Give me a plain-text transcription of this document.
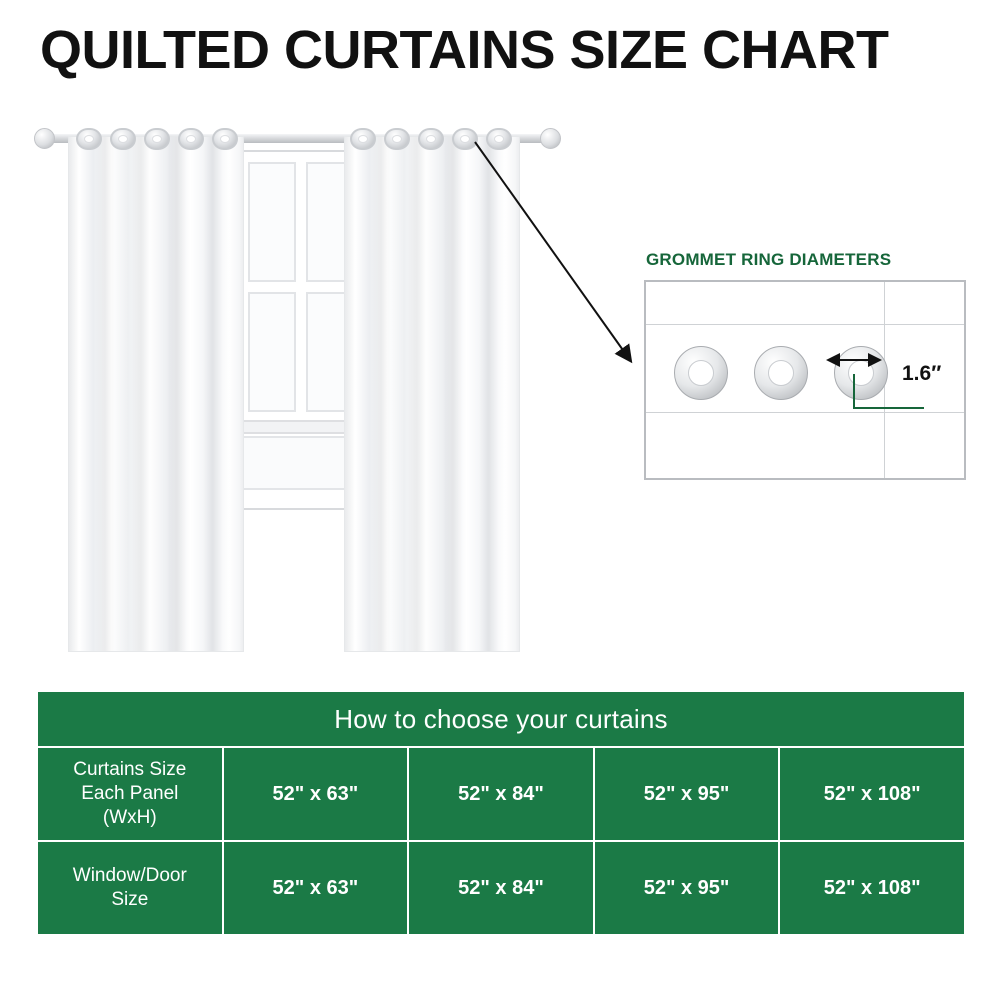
QUILTED CURTAINS SIZE CHART
GROMMET RING DIAMETERS
1.6″
How to choose your curtains				

Curtains Size
Each Panel
(WxH)	52" x 63"	52" x 84"	52" x 95"	52" x 108"

Window/Door
Size	52" x 63"	52" x 84"	52" x 95"	52" x 108"
